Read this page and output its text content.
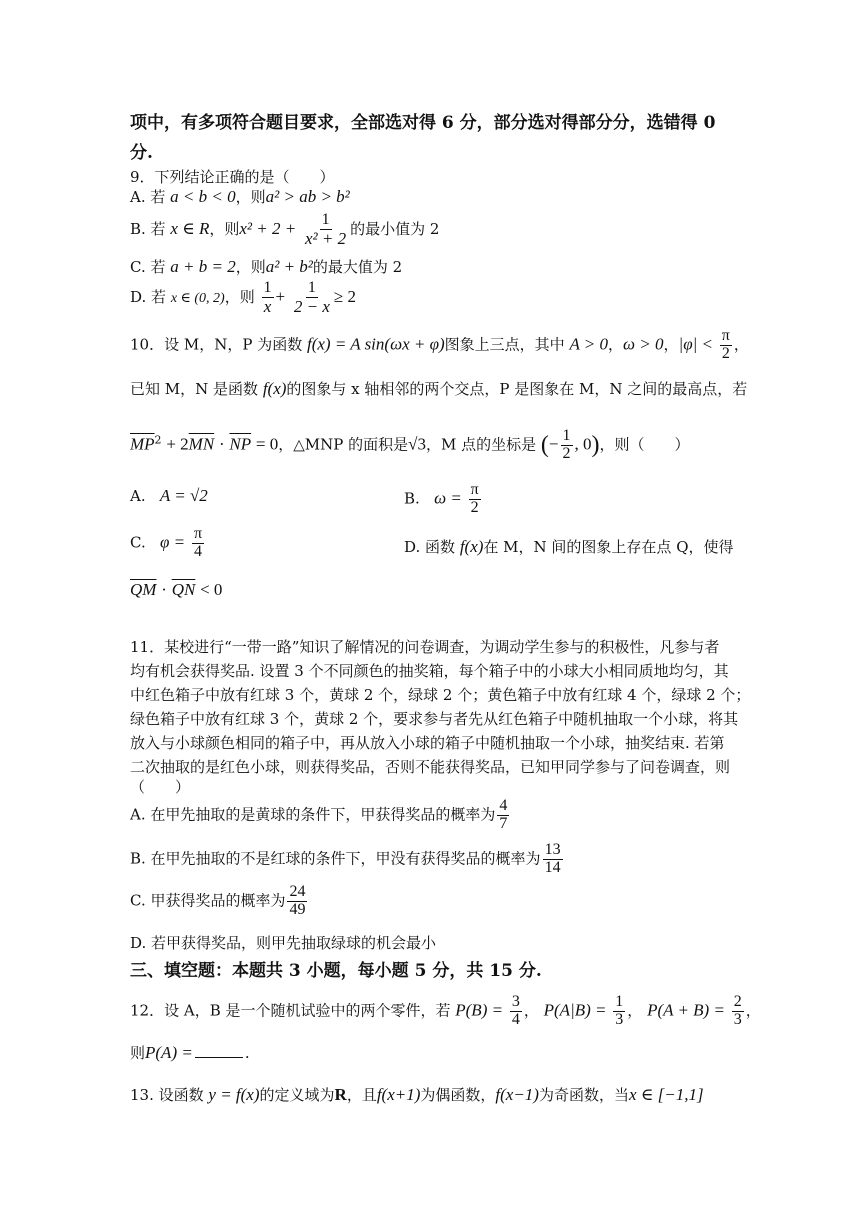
项中，有多项符合题目要求，全部选对得 6 分，部分选对得部分分，选错得 0
分.
9．下列结论正确的是（　　）
A. 若 a < b < 0，则a² > ab > b²
B. 若 x ∈ R，则$x^2 + 2 + \frac{1}{\text{x² + 2}}$ 的最小值为 2
C. 若 a + b = 2，则a² + b²的最大值为 2
D. 若 x ∈ (0, 2)，则 $\frac{1}{x} + \frac{1}{2 - x} \ge 2$
10．设 M，N，P 为函数 f(x) = A sin(ωx + φ)图象上三点，其中 A > 0，ω > 0，$|\varphi| < \frac{\pi}{2}$ ，
已知 M，N 是函数 f(x)的图象与 x 轴相邻的两个交点，P 是图象在 M，N 之间的最高点，若
$\overline{MP}^2 + 2\overline{MN} \cdot \overline{NP} = 0$，△MNP 的面积是√3，M 点的坐标是 (− $\frac{1}{2}$ , 0)，则（　　）
A. A = √2	B. $\omega = \frac{\pi}{2}$
C. $\varphi = \frac{\pi}{4}$	D. 函数 f(x)在 M，N 间的图象上存在点 Q，使得
$\overline{QM} \cdot \overline{QN} < 0$
11．某校进行“一带一路”知识了解情况的问卷调查，为调动学生参与的积极性，凡参与者
均有机会获得奖品. 设置 3 个不同颜色的抽奖箱，每个箱子中的小球大小相同质地均匀，其
中红色箱子中放有红球 3 个，黄球 2 个，绿球 2 个；黄色箱子中放有红球 4 个，绿球 2 个；
绿色箱子中放有红球 3 个，黄球 2 个，要求参与者先从红色箱子中随机抽取一个小球，将其
放入与小球颜色相同的箱子中，再从放入小球的箱子中随机抽取一个小球，抽奖结束. 若第
二次抽取的是红色小球，则获得奖品，否则不能获得奖品，已知甲同学参与了问卷调查，则
（　　）
A. 在甲先抽取的是黄球的条件下，甲获得奖品的概率为 $\frac{4}{7}$
B. 在甲先抽取的不是红球的条件下，甲没有获得奖品的概率为 $\frac{13}{14}$
C. 甲获得奖品的概率为 $\frac{24}{49}$
D. 若甲获得奖品，则甲先抽取绿球的机会最小
三、填空题：本题共 3 小题，每小题 5 分，共 15 分.
12．设 A，B 是一个随机试验中的两个零件，若 $P(B) = \frac{3}{4}$ ， $P(A|B) = \frac{1}{3}$ ， $P(A + B) = \frac{2}{3}$ ，
则P(A) =	.
13. 设函数 y = f(x)的定义域为R，且f(x+1)为偶函数，f(x−1)为奇函数，当x ∈ [−1,1]
